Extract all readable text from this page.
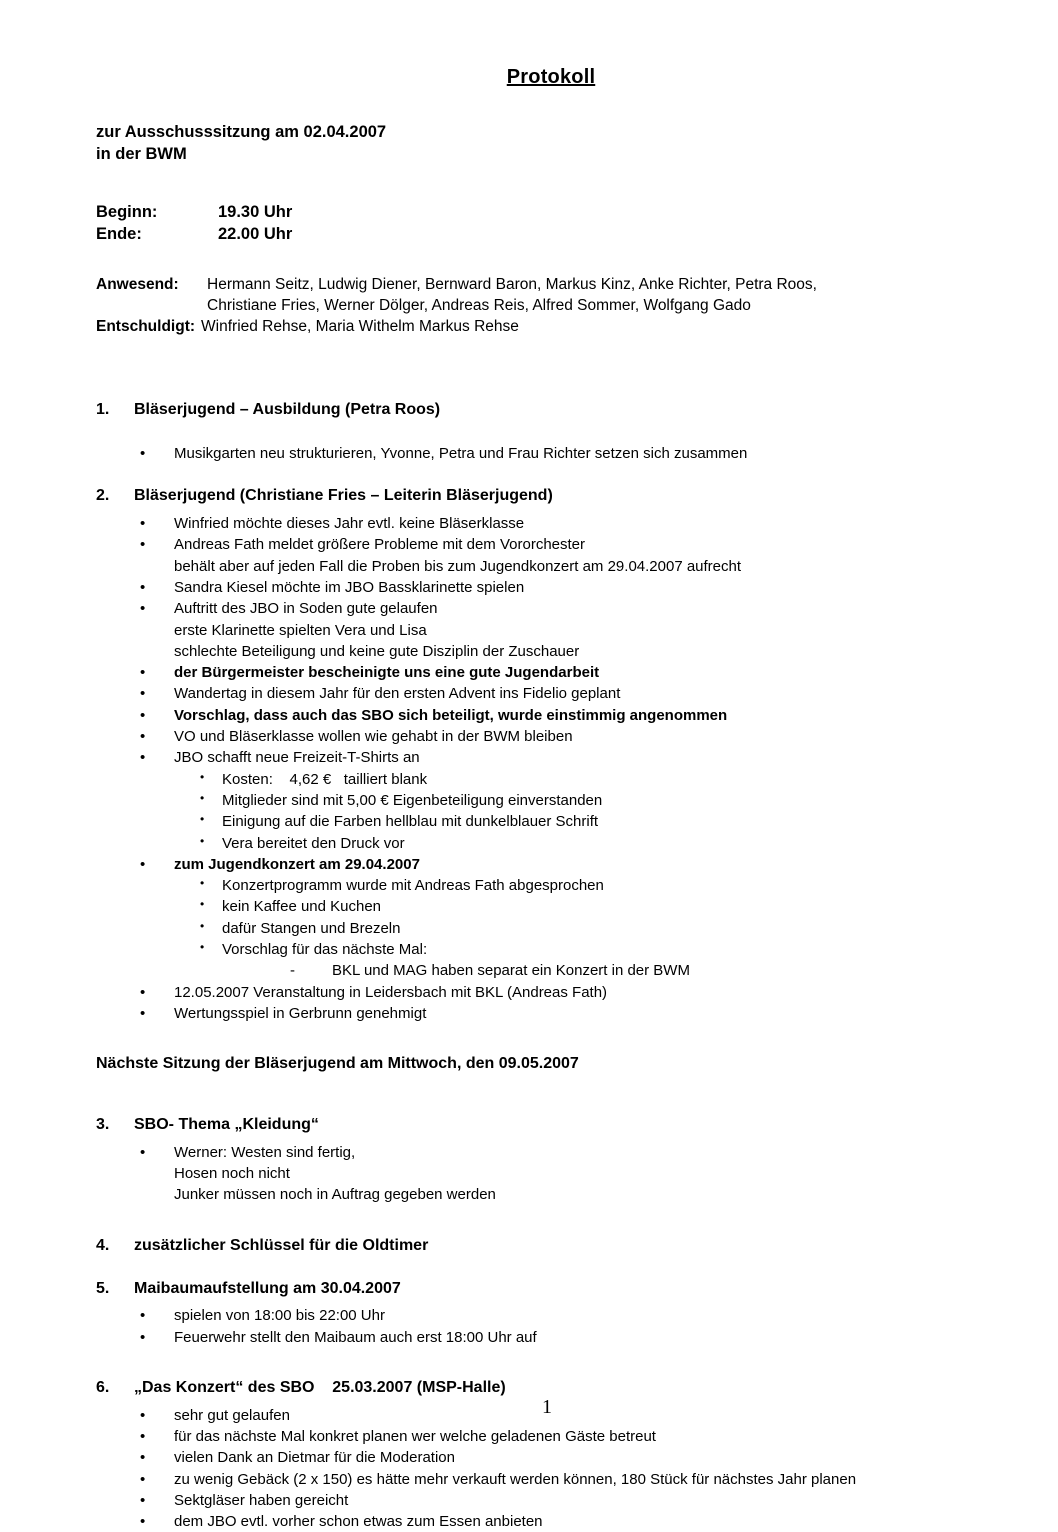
Protokoll
zur Ausschusssitzung am 02.04.2007
in der BWM
Beginn:	19.30 Uhr
Ende:	22.00 Uhr
Anwesend:	Hermann Seitz, Ludwig Diener, Bernward Baron, Markus Kinz, Anke Richter, Petra Roos,
Christiane Fries, Werner Dölger, Andreas Reis, Alfred Sommer, Wolfgang Gado
Entschuldigt: Winfried Rehse, Maria Withelm Markus Rehse
1.	Bläserjugend – Ausbildung (Petra Roos)
• Musikgarten neu strukturieren, Yvonne, Petra und Frau Richter setzen sich zusammen
2.	Bläserjugend (Christiane Fries – Leiterin Bläserjugend)
• Winfried möchte dieses Jahr evtl. keine Bläserklasse
• Andreas Fath meldet größere Probleme mit dem Vororchester
behält aber auf jeden Fall die Proben bis zum Jugendkonzert am 29.04.2007 aufrecht
• Sandra Kiesel möchte im JBO Bassklarinette spielen
• Auftritt des JBO in Soden gute gelaufen
erste Klarinette spielten Vera und Lisa
schlechte Beteiligung und keine gute Disziplin der Zuschauer
• der Bürgermeister bescheinigte uns eine gute Jugendarbeit
• Wandertag in diesem Jahr für den ersten Advent ins Fidelio geplant
• Vorschlag, dass auch das SBO sich beteiligt, wurde einstimmig angenommen
• VO und Bläserklasse wollen wie gehabt in der BWM bleiben
• JBO schafft neue Freizeit-T-Shirts an
• Kosten:    4,62 €   tailliert blank
• Mitglieder sind mit 5,00 € Eigenbeteiligung einverstanden
• Einigung auf die Farben hellblau mit dunkelblauer Schrift
• Vera bereitet den Druck vor
• zum Jugendkonzert am 29.04.2007
• Konzertprogramm wurde mit Andreas Fath abgesprochen
• kein Kaffee und Kuchen
• dafür Stangen und Brezeln
• Vorschlag für das nächste Mal:
- BKL und MAG haben separat ein Konzert in der BWM
• 12.05.2007 Veranstaltung in Leidersbach mit BKL (Andreas Fath)
• Wertungsspiel in Gerbrunn genehmigt
Nächste Sitzung der Bläserjugend am Mittwoch, den 09.05.2007
3.	SBO- Thema „Kleidung“
• Werner: Westen sind fertig,
Hosen noch nicht
Junker müssen noch in Auftrag gegeben werden
4.	zusätzlicher Schlüssel für die Oldtimer
5.	Maibaumaufstellung am 30.04.2007
• spielen von 18:00 bis 22:00 Uhr
• Feuerwehr stellt den Maibaum auch erst 18:00 Uhr auf
6.	„Das Konzert“ des SBO    25.03.2007 (MSP-Halle)
• sehr gut gelaufen
• für das nächste Mal konkret planen wer welche geladenen Gäste betreut
• vielen Dank an Dietmar für die Moderation
• zu wenig Gebäck (2 x 150) es hätte mehr verkauft werden können, 180 Stück für nächstes Jahr planen
• Sektgläser haben gereicht
• dem JBO evtl. vorher schon etwas zum Essen anbieten
1
